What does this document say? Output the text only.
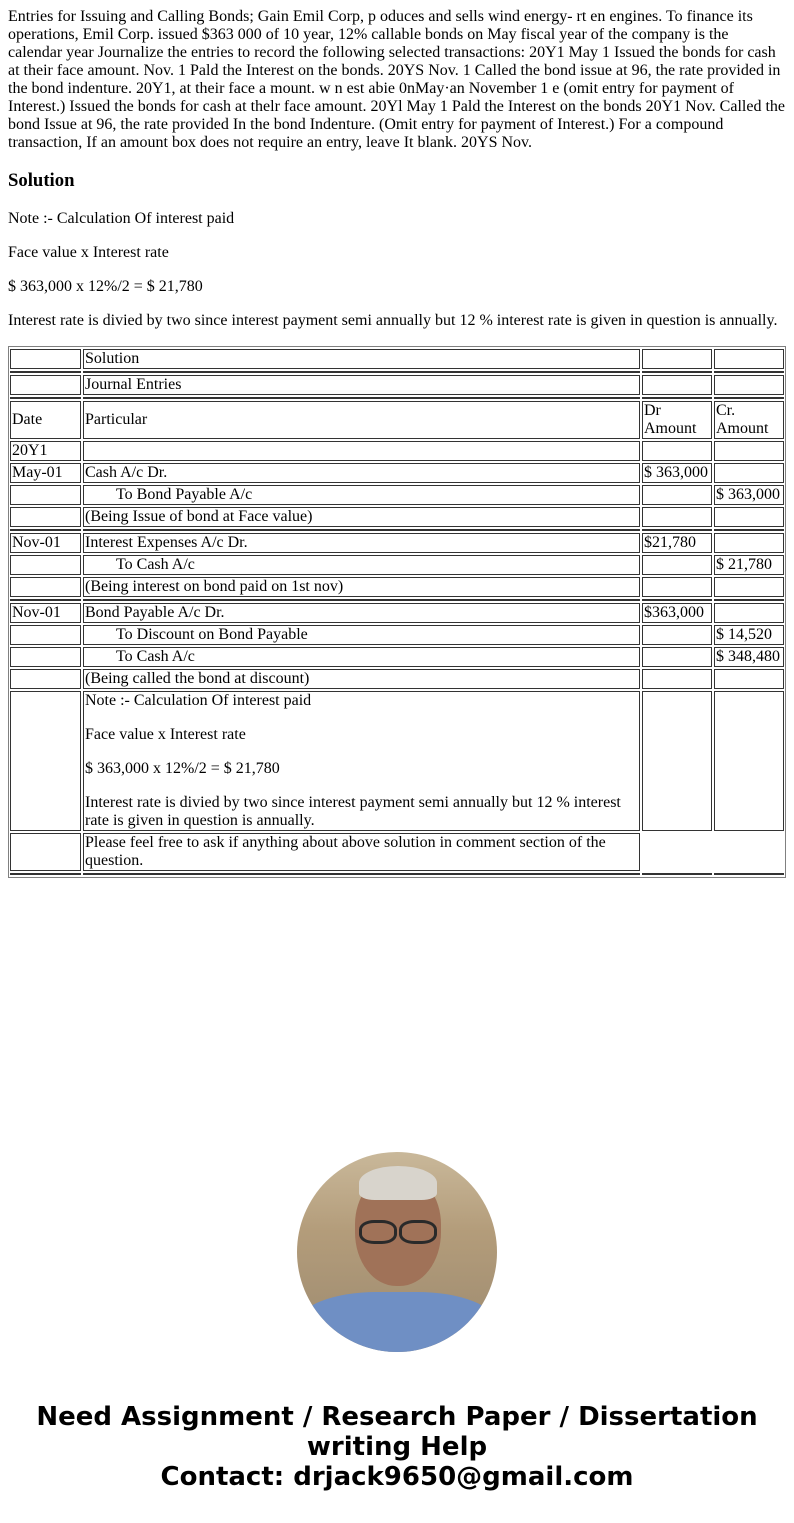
Entries for Issuing and Calling Bonds; Gain Emil Corp, p oduces and sells wind energy- rt en engines. To finance its operations, Emil Corp. issued $363 000 of 10 year, 12% callable bonds on May fiscal year of the company is the calendar year Journalize the entries to record the following selected transactions: 20Y1 May 1 Issued the bonds for cash at their face amount. Nov. 1 Pald the Interest on the bonds. 20YS Nov. 1 Called the bond issue at 96, the rate provided in the bond indenture. 20Y1, at their face a mount. w n est abie 0nMay·an November 1 e (omit entry for payment of Interest.) Issued the bonds for cash at thelr face amount. 20Yl May 1 Pald the Interest on the bonds 20Y1 Nov. Called the bond Issue at 96, the rate provided In the bond Indenture. (Omit entry for payment of Interest.) For a compound transaction, If an amount box does not require an entry, leave It blank. 20YS Nov.

Solution

Note :- Calculation Of interest paid

Face value x Interest rate

$ 363,000 x 12%/2 = $ 21,780

Interest rate is divied by two since interest payment semi annually but 12 % interest rate is given in question is annually.

	Solution		

	Journal Entries		

Date	Particular	Dr Amount	Cr. Amount
20Y1			
May-01	Cash A/c Dr.	$ 363,000	
	To Bond Payable A/c		$ 363,000
	(Being Issue of bond at Face value)		

Nov-01	Interest Expenses A/c Dr.	$21,780	
	To Cash A/c		$ 21,780
	(Being interest on bond paid on 1st nov)		

Nov-01	Bond Payable A/c Dr.	$363,000	
	To Discount on Bond Payable		$ 14,520
	To Cash A/c		$ 348,480
	(Being called the bond at discount)		

	Note :- Calculation Of interest paid

Face value x Interest rate

$ 363,000 x 12%/2 = $ 21,780

Interest rate is divied by two since interest payment semi annually but 12 % interest rate is given in question is annually.		

	Please feel free to ask if anything about above solution in comment section of the question.		

Need Assignment / Research Paper / Dissertation writing Help
Contact: drjack9650@gmail.com
